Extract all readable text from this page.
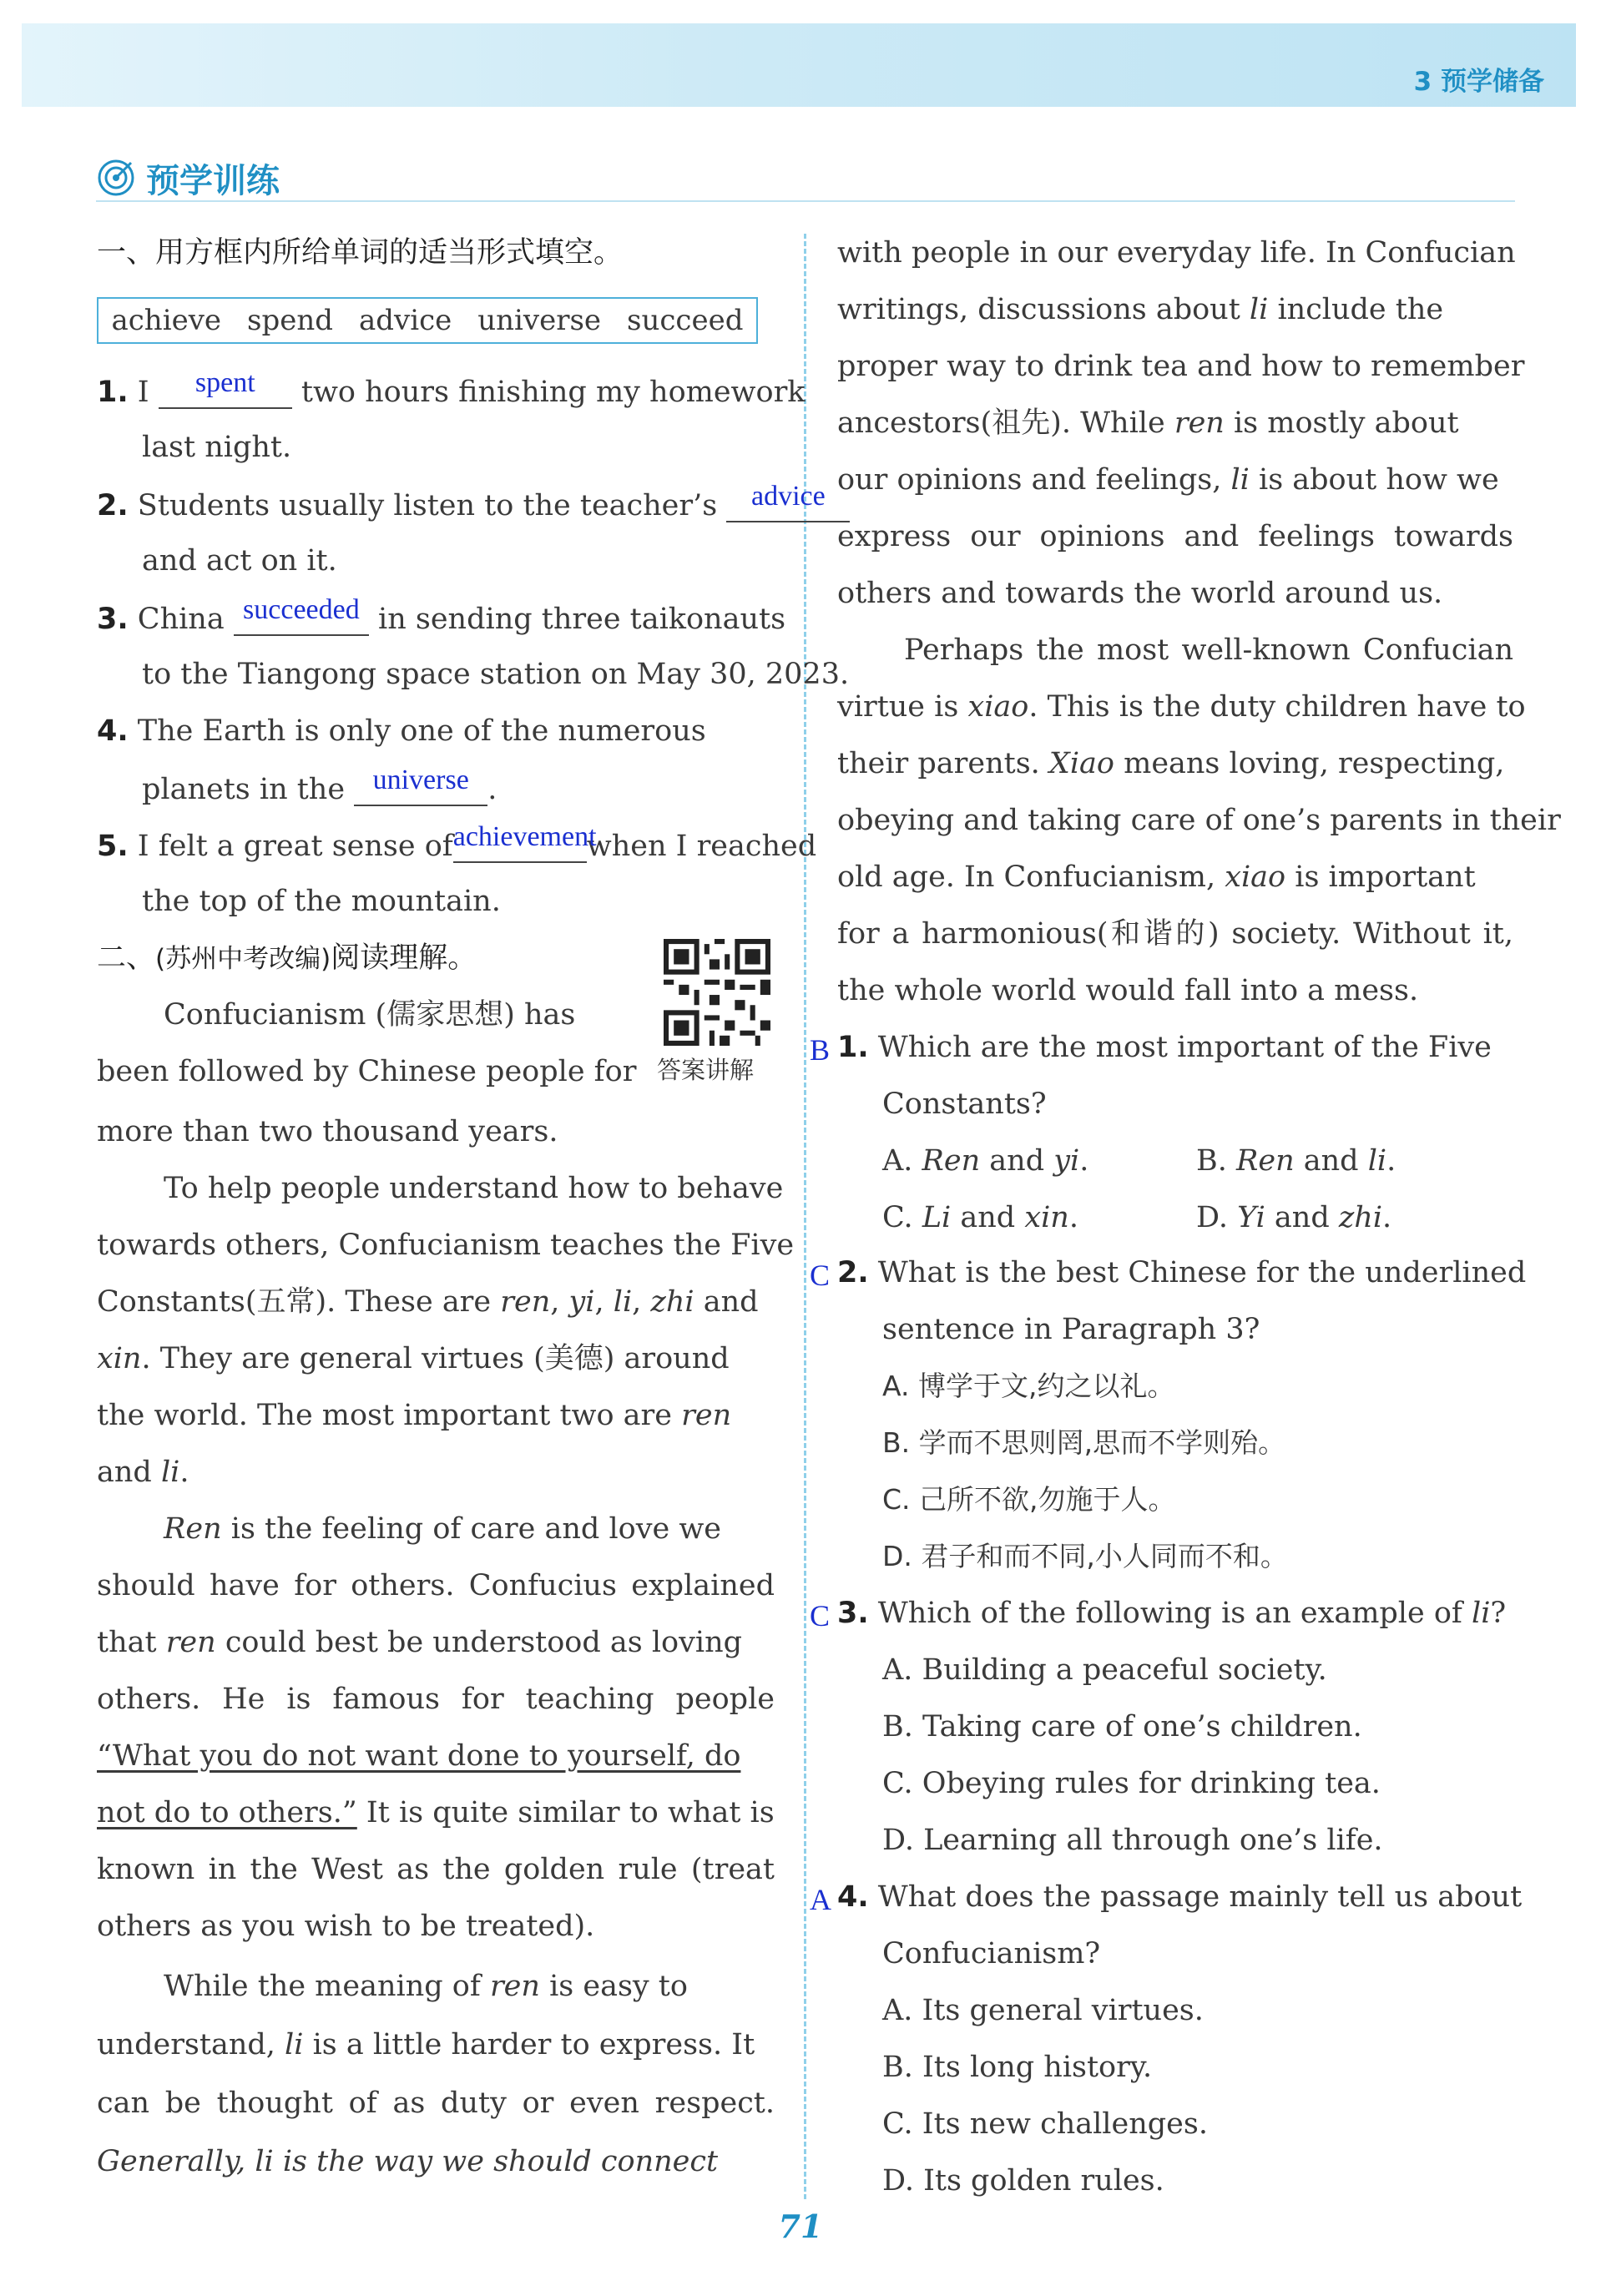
3 预学储备
预学训练
一、用方框内所给单词的适当形式填空。
achieve spend advice universe succeed
1. I spent two hours finishing my homework
last night.
2. Students usually listen to the teacher’s advice
and act on it.
3. China succeeded in sending three taikonauts
to the Tiangong space station on May 30, 2023.
4. The Earth is only one of the numerous
planets in the universe .
5. I felt a great sense ofachievementwhen I reached
the top of the mountain.
二、(苏州中考改编)阅读理解。
Confucianism (儒家思想) has
been followed by Chinese people for
more than two thousand years.
To help people understand how to behave
towards others, Confucianism teaches the Five
Constants(五常). These are ren, yi, li, zhi and
xin. They are general virtues (美德) around
the world. The most important two are ren
and li.
Ren is the feeling of care and love we
should have for others. Confucius explained
that ren could best be understood as loving
others. He is famous for teaching people
“What you do not want done to yourself, do
not do to others.” It is quite similar to what is
known in the West as the golden rule (treat
others as you wish to be treated).
While the meaning of ren is easy to
understand, li is a little harder to express. It
can be thought of as duty or even respect.
Generally, li is the way we should connect
答案讲解
with people in our everyday life. In Confucian
writings, discussions about li include the
proper way to drink tea and how to remember
ancestors(祖先). While ren is mostly about
our opinions and feelings, li is about how we
express our opinions and feelings towards
others and towards the world around us.
Perhaps the most well-known Confucian
virtue is xiao. This is the duty children have to
their parents. Xiao means loving, respecting,
obeying and taking care of one’s parents in their
old age. In Confucianism, xiao is important
for a harmonious(和谐的) society. Without it,
the whole world would fall into a mess.
B 1. Which are the most important of the Five
Constants?
A. Ren and yi.	B. Ren and li.
C. Li and xin.	D. Yi and zhi.
C 2. What is the best Chinese for the underlined
sentence in Paragraph 3?
A. 博学于文,约之以礼。
B. 学而不思则罔,思而不学则殆。
C. 己所不欲,勿施于人。
D. 君子和而不同,小人同而不和。
C 3. Which of the following is an example of li?
A. Building a peaceful society.
B. Taking care of one’s children.
C. Obeying rules for drinking tea.
D. Learning all through one’s life.
A 4. What does the passage mainly tell us about
Confucianism?
A. Its general virtues.
B. Its long history.
C. Its new challenges.
D. Its golden rules.
71
